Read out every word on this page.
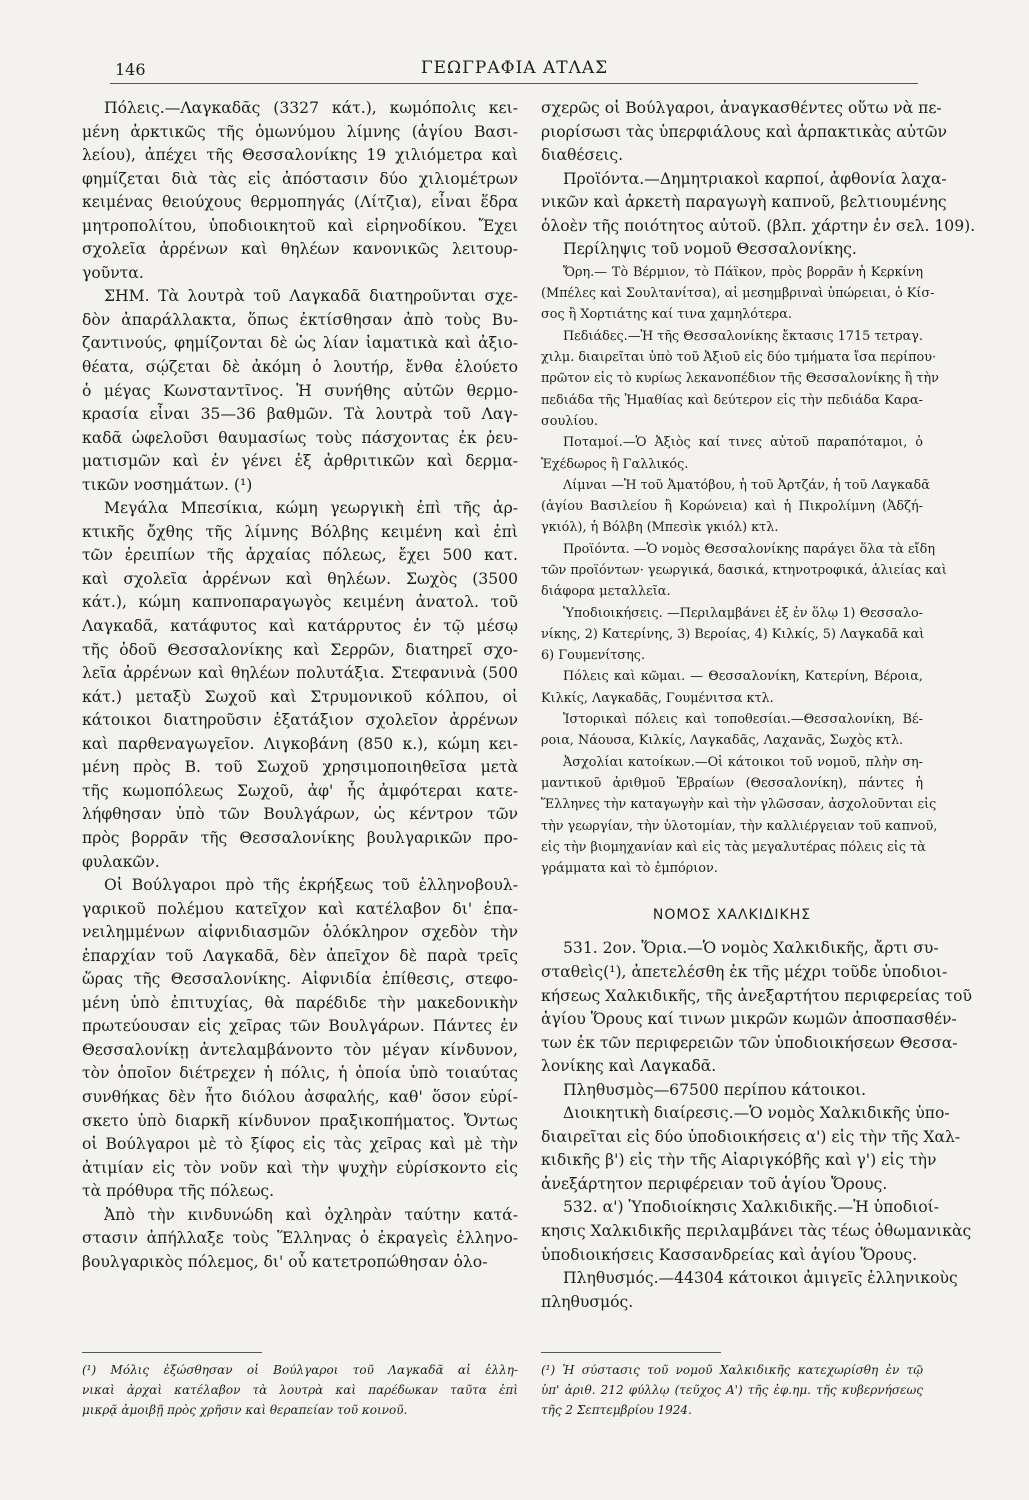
146	ΓΕΩΓΡΑΦΙΑ ΑΤΛΑΣ
Πόλεις.—Λαγκαδᾶς (3327 κάτ.), κωμόπολις κει-
μένη ἀρκτικῶς τῆς ὁμωνύμου λίμνης (ἁγίου Βασι-
λείου), ἀπέχει τῆς Θεσσαλονίκης 19 χιλιόμετρα καὶ
φημίζεται διὰ τὰς εἰς ἀπόστασιν δύο χιλιομέτρων
κειμένας θειούχους θερμοπηγάς (Λίτζια), εἶναι ἕδρα
μητροπολίτου, ὑποδιοικητοῦ καὶ εἰρηνοδίκου. Ἔχει
σχολεῖα ἀρρένων καὶ θηλέων κανονικῶς λειτουρ-
γοῦντα.
ΣΗΜ. Τὰ λουτρὰ τοῦ Λαγκαδᾶ διατηροῦνται σχε-
δὸν ἀπαράλλακτα, ὅπως ἐκτίσθησαν ἀπὸ τοὺς Βυ-
ζαντινούς, φημίζονται δὲ ὡς λίαν ἰαματικὰ καὶ ἀξιο-
θέατα, σῴζεται δὲ ἀκόμη ὁ λουτήρ, ἔνθα ἐλούετο
ὁ μέγας Κωνσταντῖνος. Ἡ συνήθης αὐτῶν θερμο-
κρασία εἶναι 35—36 βαθμῶν. Τὰ λουτρὰ τοῦ Λαγ-
καδᾶ ὠφελοῦσι θαυμασίως τοὺς πάσχοντας ἐκ ῥευ-
ματισμῶν καὶ ἐν γένει ἐξ ἀρθριτικῶν καὶ δερμα-
τικῶν νοσημάτων. (¹)
Μεγάλα Μπεσίκια, κώμη γεωργικὴ ἐπὶ τῆς ἀρ-
κτικῆς ὄχθης τῆς λίμνης Βόλβης κειμένη καὶ ἐπὶ
τῶν ἐρειπίων τῆς ἀρχαίας πόλεως, ἔχει 500 κατ.
καὶ σχολεῖα ἀρρένων καὶ θηλέων. Σωχὸς (3500
κάτ.), κώμη καπνοπαραγωγὸς κειμένη ἀνατολ. τοῦ
Λαγκαδᾶ, κατάφυτος καὶ κατάρρυτος ἐν τῷ μέσῳ
τῆς ὁδοῦ Θεσσαλονίκης καὶ Σερρῶν, διατηρεῖ σχο-
λεῖα ἀρρένων καὶ θηλέων πολυτάξια. Στεφανινὰ (500
κάτ.) μεταξὺ Σωχοῦ καὶ Στρυμονικοῦ κόλπου, οἱ
κάτοικοι διατηροῦσιν ἑξατάξιον σχολεῖον ἀρρένων
καὶ παρθεναγωγεῖον. Λιγκοβάνη (850 κ.), κώμη κει-
μένη πρὸς Β. τοῦ Σωχοῦ χρησιμοποιηθεῖσα μετὰ
τῆς κωμοπόλεως Σωχοῦ, ἀφ' ἧς ἀμφότεραι κατε-
λήφθησαν ὑπὸ τῶν Βουλγάρων, ὡς κέντρον τῶν
πρὸς βορρᾶν τῆς Θεσσαλονίκης βουλγαρικῶν προ-
φυλακῶν.
Οἱ Βούλγαροι πρὸ τῆς ἐκρήξεως τοῦ ἑλληνοβουλ-
γαρικοῦ πολέμου κατεῖχον καὶ κατέλαβον δι' ἐπα-
νειλημμένων αἰφνιδιασμῶν ὁλόκληρον σχεδὸν τὴν
ἐπαρχίαν τοῦ Λαγκαδᾶ, δὲν ἀπεῖχον δὲ παρὰ τρεῖς
ὥρας τῆς Θεσσαλονίκης. Αἰφνιδία ἐπίθεσις, στεφο-
μένη ὑπὸ ἐπιτυχίας, θὰ παρέδιδε τὴν μακεδονικὴν
πρωτεύουσαν εἰς χεῖρας τῶν Βουλγάρων. Πάντες ἐν
Θεσσαλονίκῃ ἀντελαμβάνοντο τὸν μέγαν κίνδυνον,
τὸν ὁποῖον διέτρεχεν ἡ πόλις, ἡ ὁποία ὑπὸ τοιαύτας
συνθήκας δὲν ἦτο διόλου ἀσφαλής, καθ' ὅσον εὑρί-
σκετο ὑπὸ διαρκῆ κίνδυνον πραξικοπήματος. Ὄντως
οἱ Βούλγαροι μὲ τὸ ξίφος εἰς τὰς χεῖρας καὶ μὲ τὴν
ἀτιμίαν εἰς τὸν νοῦν καὶ τὴν ψυχὴν εὑρίσκοντο εἰς
τὰ πρόθυρα τῆς πόλεως.
Ἀπὸ τὴν κινδυνώδη καὶ ὀχληρὰν ταύτην κατά-
στασιν ἀπήλλαξε τοὺς Ἕλληνας ὁ ἐκραγεὶς ἑλληνο-
βουλγαρικὸς πόλεμος, δι' οὗ κατετροπώθησαν ὁλο-
(¹) Μόλις ἐξώσθησαν οἱ Βούλγαροι τοῦ Λαγκαδᾶ αἱ ἑλλη-
νικαὶ ἀρχαὶ κατέλαβον τὰ λουτρὰ καὶ παρέδωκαν ταῦτα ἐπὶ
μικρᾷ ἀμοιβῇ πρὸς χρῆσιν καὶ θεραπείαν τοῦ κοινοῦ.
σχερῶς οἱ Βούλγαροι, ἀναγκασθέντες οὕτω νὰ πε-
ριορίσωσι τὰς ὑπερφιάλους καὶ ἁρπακτικὰς αὐτῶν
διαθέσεις.
Προϊόντα.—Δημητριακοὶ καρποί, ἀφθονία λαχα-
νικῶν καὶ ἀρκετὴ παραγωγὴ καπνοῦ, βελτιουμένης
ὁλοὲν τῆς ποιότητος αὐτοῦ. (βλπ. χάρτην ἐν σελ. 109).
Περίληψις τοῦ νομοῦ Θεσσαλονίκης.
Ὄρη.— Τὸ Βέρμιον, τὸ Πάϊκον, πρὸς βορρᾶν ἡ Κερκίνη
(Μπέλες καὶ Σουλτανίτσα), αἱ μεσημβριναὶ ὑπώρειαι, ὁ Κίσ-
σος ἢ Χορτιάτης καί τινα χαμηλότερα.
Πεδιάδες.—Ἡ τῆς Θεσσαλονίκης ἔκτασις 1715 τετραγ.
χιλμ. διαιρεῖται ὑπὸ τοῦ Ἀξιοῦ εἰς δύο τμήματα ἴσα περίπου·
πρῶτον εἰς τὸ κυρίως λεκανοπέδιον τῆς Θεσσαλονίκης ἢ τὴν
πεδιάδα τῆς Ἠμαθίας καὶ δεύτερον εἰς τὴν πεδιάδα Καρα-
σουλίου.
Ποταμοί.—Ὁ Ἀξιὸς καί τινες αὐτοῦ παραπόταμοι, ὁ
Ἐχέδωρος ἢ Γαλλικός.
Λίμναι —Ἡ τοῦ Ἀματόβου, ἡ τοῦ Ἀρτζάν, ἡ τοῦ Λαγκαδᾶ
(ἁγίου Βασιλείου ἢ Κορώνεια) καὶ ἡ Πικρολίμνη (Ἀδζή-
γκιόλ), ἡ Βόλβη (Μπεσὶκ γκιόλ) κτλ.
Προϊόντα. —Ὁ νομὸς Θεσσαλονίκης παράγει ὅλα τὰ εἴδη
τῶν προϊόντων· γεωργικά, δασικά, κτηνοτροφικά, ἁλιείας καὶ
διάφορα μεταλλεῖα.
Ὑποδιοικήσεις. —Περιλαμβάνει ἐξ ἐν ὅλῳ 1) Θεσσαλο-
νίκης, 2) Κατερίνης, 3) Βεροίας, 4) Κιλκίς, 5) Λαγκαδᾶ καὶ
6) Γουμενίτσης.
Πόλεις καὶ κῶμαι. — Θεσσαλονίκη, Κατερίνη, Βέροια,
Κιλκίς, Λαγκαδᾶς, Γουμένιτσα κτλ.
Ἱστορικαὶ πόλεις καὶ τοποθεσίαι.—Θεσσαλονίκη, Βέ-
ροια, Νάουσα, Κιλκίς, Λαγκαδᾶς, Λαχανᾶς, Σωχὸς κτλ.
Ἀσχολίαι κατοίκων.—Οἱ κάτοικοι τοῦ νομοῦ, πλὴν ση-
μαντικοῦ ἀριθμοῦ Ἑβραίων (Θεσσαλονίκη), πάντες ἡ
Ἕλληνες τὴν καταγωγὴν καὶ τὴν γλῶσσαν, ἀσχολοῦνται εἰς
τὴν γεωργίαν, τὴν ὑλοτομίαν, τὴν καλλιέργειαν τοῦ καπνοῦ,
εἰς τὴν βιομηχανίαν καὶ εἰς τὰς μεγαλυτέρας πόλεις εἰς τὰ
γράμματα καὶ τὸ ἐμπόριον.
ΝΟΜΟΣ ΧΑΛΚΙΔΙΚΗΣ
531. 2ον. Ὅρια.—Ὁ νομὸς Χαλκιδικῆς, ἄρτι συ-
σταθεὶς(¹), ἀπετελέσθη ἐκ τῆς μέχρι τοῦδε ὑποδιοι-
κήσεως Χαλκιδικῆς, τῆς ἀνεξαρτήτου περιφερείας τοῦ
ἁγίου Ὅρους καί τινων μικρῶν κωμῶν ἀποσπασθέν-
των ἐκ τῶν περιφερειῶν τῶν ὑποδιοικήσεων Θεσσα-
λονίκης καὶ Λαγκαδᾶ.
Πληθυσμὸς—67500 περίπου κάτοικοι.
Διοικητικὴ διαίρεσις.—Ὁ νομὸς Χαλκιδικῆς ὑπο-
διαιρεῖται εἰς δύο ὑποδιοικήσεις α') εἰς τὴν τῆς Χαλ-
κιδικῆς β') εἰς τὴν τῆς Αἰαριγκόβῆς καὶ γ') εἰς τὴν
ἀνεξάρτητον περιφέρειαν τοῦ ἁγίου Ὄρους.
532. α') Ὑποδιοίκησις Χαλκιδικῆς.—Ἡ ὑποδιοί-
κησις Χαλκιδικῆς περιλαμβάνει τὰς τέως ὀθωμανικὰς
ὑποδιοικήσεις Κασσανδρείας καὶ ἁγίου Ὅρους.
Πληθυσμός.—44304 κάτοικοι ἀμιγεῖς ἑλληνικοὺς
πληθυσμός.
(¹) Ἡ σύστασις τοῦ νομοῦ Χαλκιδικῆς κατεχωρίσθη ἐν τῷ
ὑπ' ἀριθ. 212 φύλλῳ (τεῦχος Α') τῆς ἐφ.ημ. τῆς κυβερνήσεως
τῆς 2 Σεπτεμβρίου 1924.
